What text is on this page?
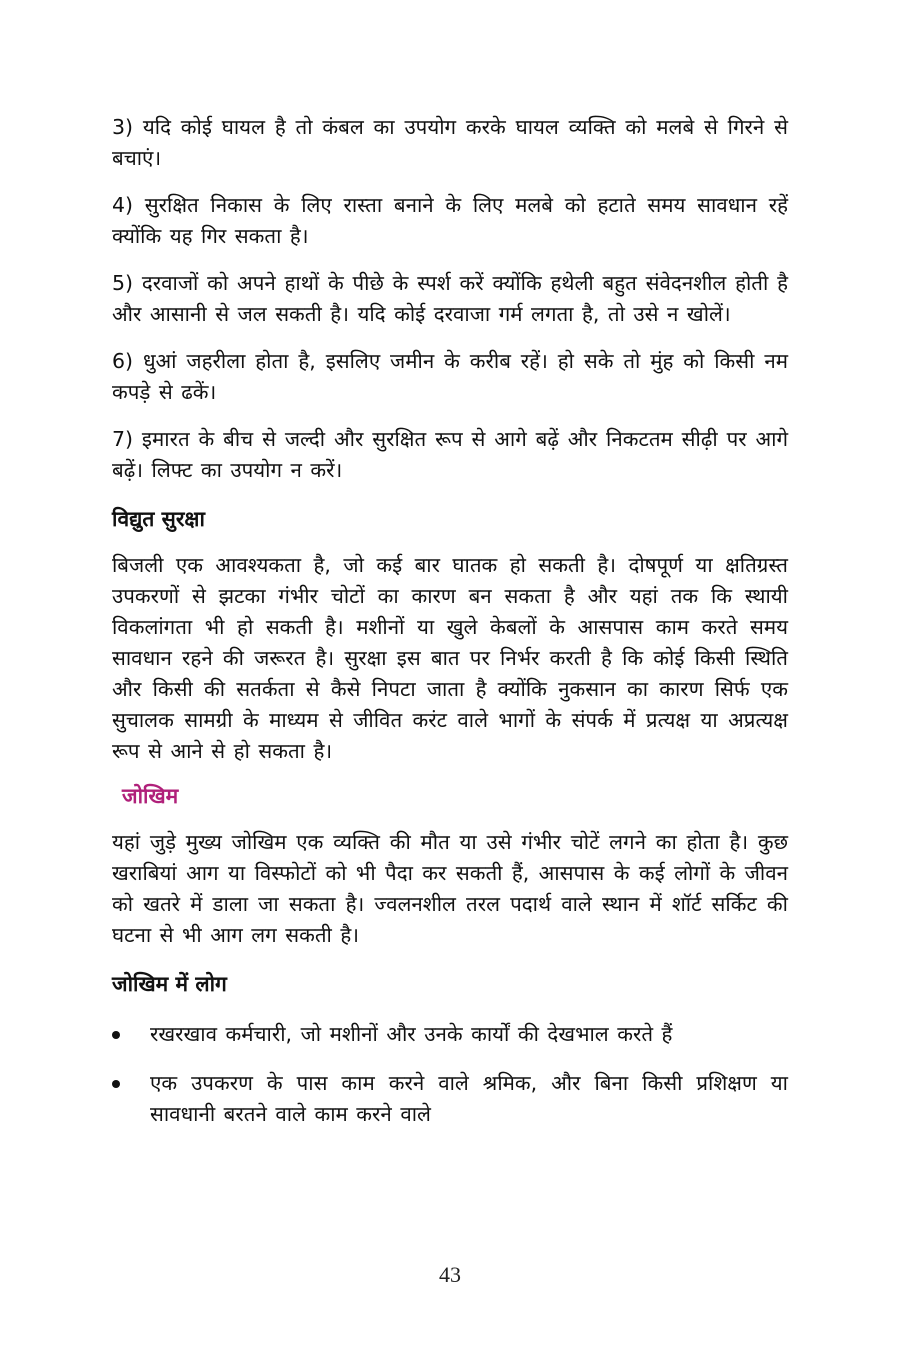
3) यदि कोई घायल है तो कंबल का उपयोग करके घायल व्यक्ति को मलबे से गिरने से बचाएं।

4) सुरक्षित निकास के लिए रास्ता बनाने के लिए मलबे को हटाते समय सावधान रहें क्योंकि यह गिर सकता है।

5) दरवाजों को अपने हाथों के पीछे के स्पर्श करें क्योंकि हथेली बहुत संवेदनशील होती है और आसानी से जल सकती है। यदि कोई दरवाजा गर्म लगता है, तो उसे न खोलें।

6) धुआं जहरीला होता है, इसलिए जमीन के करीब रहें। हो सके तो मुंह को किसी नम कपड़े से ढकें।

7) इमारत के बीच से जल्दी और सुरक्षित रूप से आगे बढ़ें और निकटतम सीढ़ी पर आगे बढ़ें। लिफ्ट का उपयोग न करें।

विद्युत सुरक्षा

बिजली एक आवश्यकता है, जो कई बार घातक हो सकती है। दोषपूर्ण या क्षतिग्रस्त उपकरणों से झटका गंभीर चोटों का कारण बन सकता है और यहां तक कि स्थायी विकलांगता भी हो सकती है। मशीनों या खुले केबलों के आसपास काम करते समय सावधान रहने की जरूरत है। सुरक्षा इस बात पर निर्भर करती है कि कोई किसी स्थिति और किसी की सतर्कता से कैसे निपटा जाता है क्योंकि नुकसान का कारण सिर्फ एक सुचालक सामग्री के माध्यम से जीवित करंट वाले भागों के संपर्क में प्रत्यक्ष या अप्रत्यक्ष रूप से आने से हो सकता है।

जोखिम

यहां जुड़े मुख्य जोखिम एक व्यक्ति की मौत या उसे गंभीर चोटें लगने का होता है। कुछ खराबियां आग या विस्फोटों को भी पैदा कर सकती हैं, आसपास के कई लोगों के जीवन को खतरे में डाला जा सकता है। ज्वलनशील तरल पदार्थ वाले स्थान में शॉर्ट सर्किट की घटना से भी आग लग सकती है।

जोखिम में लोग
रखरखाव कर्मचारी, जो मशीनों और उनके कार्यों की देखभाल करते हैं
एक उपकरण के पास काम करने वाले श्रमिक, और बिना किसी प्रशिक्षण या सावधानी बरतने वाले काम करने वाले
43
